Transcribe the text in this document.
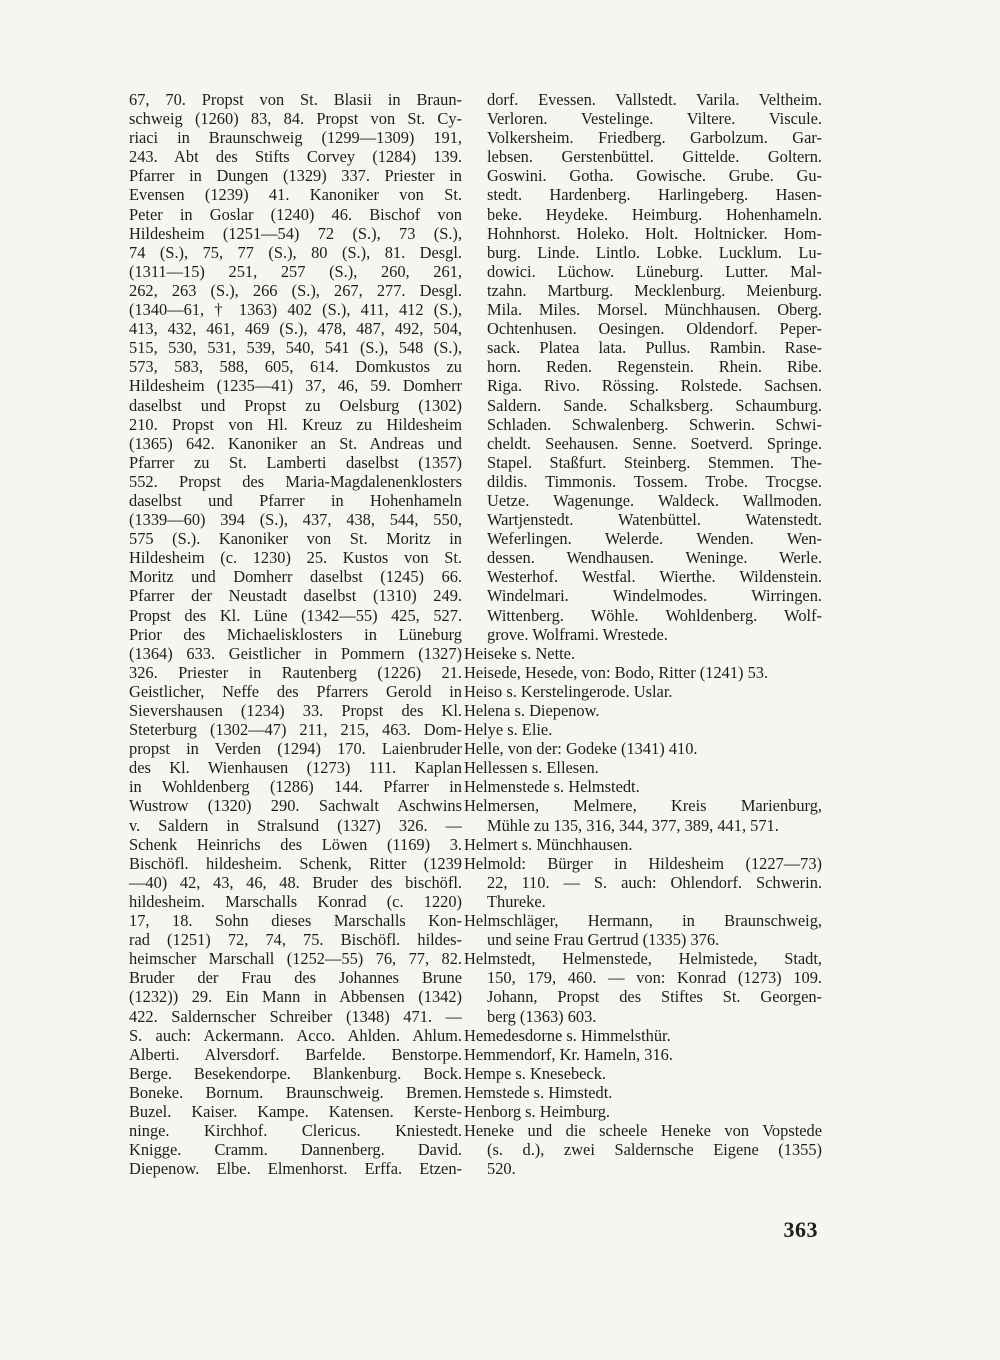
67, 70. Propst von St. Blasii in Braun-
schweig (1260) 83, 84. Propst von St. Cy-
riaci in Braunschweig (1299—1309) 191,
243. Abt des Stifts Corvey (1284) 139.
Pfarrer in Dungen (1329) 337. Priester in
Evensen (1239) 41. Kanoniker von St.
Peter in Goslar (1240) 46. Bischof von
Hildesheim (1251—54) 72 (S.), 73 (S.),
74 (S.), 75, 77 (S.), 80 (S.), 81. Desgl.
(1311—15) 251, 257 (S.), 260, 261,
262, 263 (S.), 266 (S.), 267, 277. Desgl.
(1340—61, † 1363) 402 (S.), 411, 412 (S.),
413, 432, 461, 469 (S.), 478, 487, 492, 504,
515, 530, 531, 539, 540, 541 (S.), 548 (S.),
573, 583, 588, 605, 614. Domkustos zu
Hildesheim (1235—41) 37, 46, 59. Domherr
daselbst und Propst zu Oelsburg (1302)
210. Propst von Hl. Kreuz zu Hildesheim
(1365) 642. Kanoniker an St. Andreas und
Pfarrer zu St. Lamberti daselbst (1357)
552. Propst des Maria-Magdalenenklosters
daselbst und Pfarrer in Hohenhameln
(1339—60) 394 (S.), 437, 438, 544, 550,
575 (S.). Kanoniker von St. Moritz in
Hildesheim (c. 1230) 25. Kustos von St.
Moritz und Domherr daselbst (1245) 66.
Pfarrer der Neustadt daselbst (1310) 249.
Propst des Kl. Lüne (1342—55) 425, 527.
Prior des Michaelisklosters in Lüneburg
(1364) 633. Geistlicher in Pommern (1327)
326. Priester in Rautenberg (1226) 21.
Geistlicher, Neffe des Pfarrers Gerold in
Sievershausen (1234) 33. Propst des Kl.
Steterburg (1302—47) 211, 215, 463. Dom-
propst in Verden (1294) 170. Laienbruder
des Kl. Wienhausen (1273) 111. Kaplan
in Wohldenberg (1286) 144. Pfarrer in
Wustrow (1320) 290. Sachwalt Aschwins
v. Saldern in Stralsund (1327) 326. —
Schenk Heinrichs des Löwen (1169) 3.
Bischöfl. hildesheim. Schenk, Ritter (1239
—40) 42, 43, 46, 48. Bruder des bischöfl.
hildesheim. Marschalls Konrad (c. 1220)
17, 18. Sohn dieses Marschalls Kon-
rad (1251) 72, 74, 75. Bischöfl. hildes-
heimscher Marschall (1252—55) 76, 77, 82.
Bruder der Frau des Johannes Brune
(1232)) 29. Ein Mann in Abbensen (1342)
422. Saldernscher Schreiber (1348) 471. —
S. auch: Ackermann. Acco. Ahlden. Ahlum.
Alberti. Alversdorf. Barfelde. Benstorpe.
Berge. Besekendorpe. Blankenburg. Bock.
Boneke. Bornum. Braunschweig. Bremen.
Buzel. Kaiser. Kampe. Katensen. Kerste-
ninge. Kirchhof. Clericus. Kniestedt.
Knigge. Cramm. Dannenberg. David.
Diepenow. Elbe. Elmenhorst. Erffa. Etzen-
dorf. Evessen. Vallstedt. Varila. Veltheim.
Verloren. Vestelinge. Viltere. Viscule.
Volkersheim. Friedberg. Garbolzum. Gar-
lebsen. Gerstenbüttel. Gittelde. Goltern.
Goswini. Gotha. Gowische. Grube. Gu-
stedt. Hardenberg. Harlingeberg. Hasen-
beke. Heydeke. Heimburg. Hohenhameln.
Hohnhorst. Holeko. Holt. Holtnicker. Hom-
burg. Linde. Lintlo. Lobke. Lucklum. Lu-
dowici. Lüchow. Lüneburg. Lutter. Mal-
tzahn. Martburg. Mecklenburg. Meienburg.
Mila. Miles. Morsel. Münchhausen. Oberg.
Ochtenhusen. Oesingen. Oldendorf. Peper-
sack. Platea lata. Pullus. Rambin. Rase-
horn. Reden. Regenstein. Rhein. Ribe.
Riga. Rivo. Rössing. Rolstede. Sachsen.
Saldern. Sande. Schalksberg. Schaumburg.
Schladen. Schwalenberg. Schwerin. Schwi-
cheldt. Seehausen. Senne. Soetverd. Springe.
Stapel. Staßfurt. Steinberg. Stemmen. The-
dildis. Timmonis. Tossem. Trobe. Trocgse.
Uetze. Wagenunge. Waldeck. Wallmoden.
Wartjenstedt. Watenbüttel. Watenstedt.
Weferlingen. Welerde. Wenden. Wen-
dessen. Wendhausen. Weninge. Werle.
Westerhof. Westfal. Wierthe. Wildenstein.
Windelmari. Windelmodes. Wirringen.
Wittenberg. Wöhle. Wohldenberg. Wolf-
grove. Wolframi. Wrestede.
Heiseke s. Nette.
Heisede, Hesede, von: Bodo, Ritter (1241) 53.
Heiso s. Kerstelingerode. Uslar.
Helena s. Diepenow.
Helye s. Elie.
Helle, von der: Godeke (1341) 410.
Hellessen s. Ellesen.
Helmenstede s. Helmstedt.
Helmersen, Melmere, Kreis Marienburg,
Mühle zu 135, 316, 344, 377, 389, 441, 571.
Helmert s. Münchhausen.
Helmold: Bürger in Hildesheim (1227—73)
22, 110. — S. auch: Ohlendorf. Schwerin.
Thureke.
Helmschläger, Hermann, in Braunschweig,
und seine Frau Gertrud (1335) 376.
Helmstedt, Helmenstede, Helmistede, Stadt,
150, 179, 460. — von: Konrad (1273) 109.
Johann, Propst des Stiftes St. Georgen-
berg (1363) 603.
Hemedesdorne s. Himmelsthür.
Hemmendorf, Kr. Hameln, 316.
Hempe s. Knesebeck.
Hemstede s. Himstedt.
Henborg s. Heimburg.
Heneke und die scheele Heneke von Vopstede
(s. d.), zwei Saldernsche Eigene (1355)
520.
363
